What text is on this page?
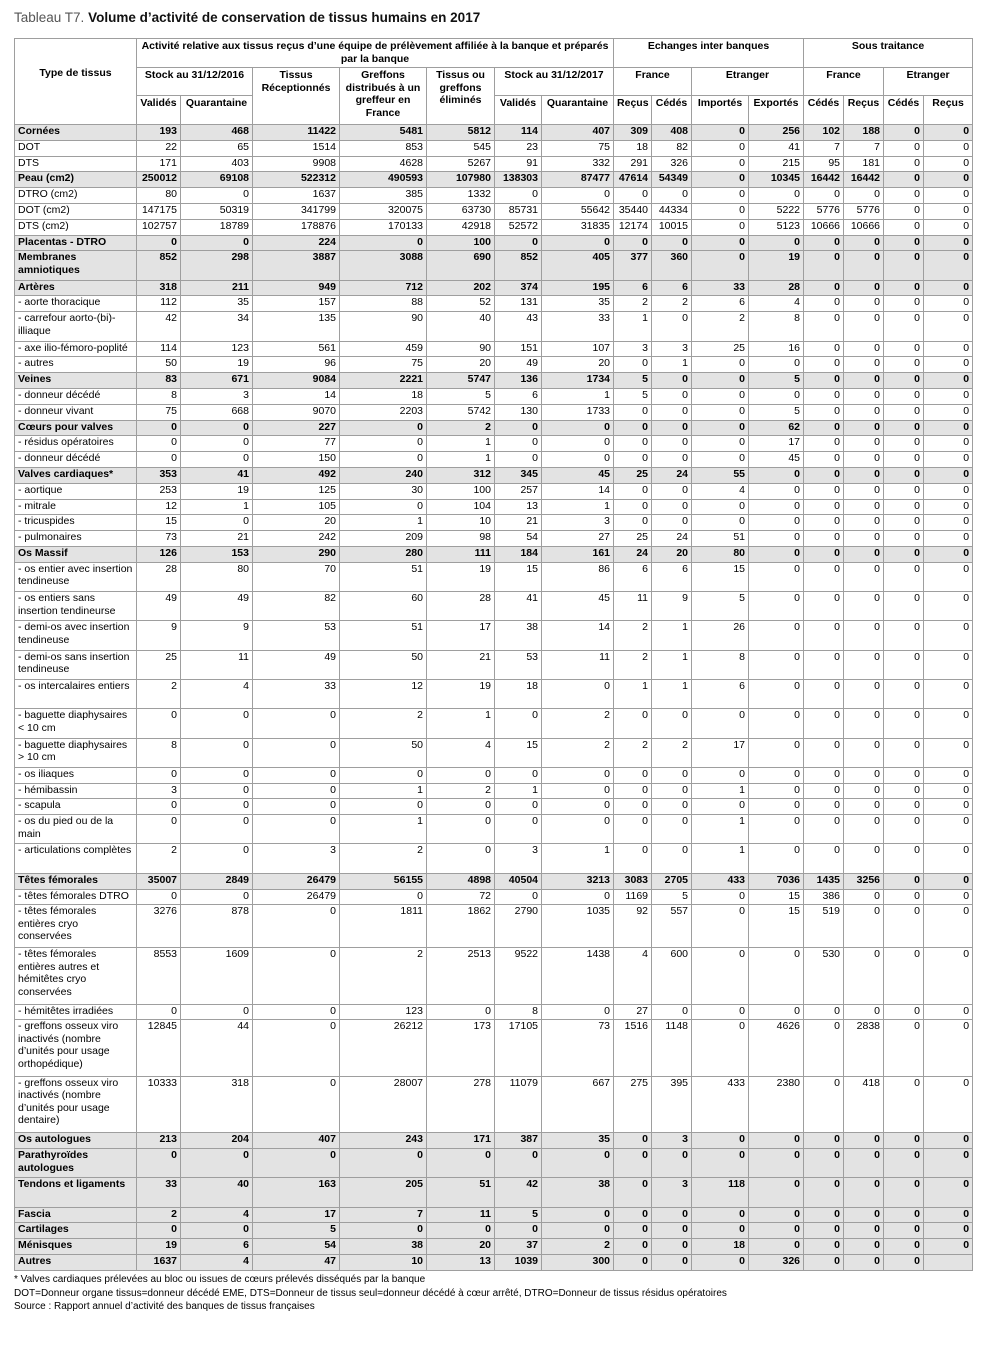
Tableau T7. Volume d’activité de conservation de tissus humains en 2017
Type de tissus	Activité relative aux tissus reçus d’une équipe de prélèvement affiliée à la banque et préparés par la banque							Echanges inter banques				Sous traitance			
	Stock au 31/12/2016		Tissus Réceptionnés	Greffons distribués à un greffeur en France	Tissus ou greffons éliminés	Stock au 31/12/2017		France		Etranger		France		Etranger	
	Validés	Quarantaine				Validés	Quarantaine	Reçus	Cédés	Importés	Exportés	Cédés	Reçus	Cédés	Reçus
Cornées	193	468	11422	5481	5812	114	407	309	408	0	256	102	188	0	0
DOT	22	65	1514	853	545	23	75	18	82	0	41	7	7	0	0
DTS	171	403	9908	4628	5267	91	332	291	326	0	215	95	181	0	0
Peau (cm2)	250012	69108	522312	490593	107980	138303	87477	47614	54349	0	10345	16442	16442	0	0
DTRO (cm2)	80	0	1637	385	1332	0	0	0	0	0	0	0	0	0	0
DOT (cm2)	147175	50319	341799	320075	63730	85731	55642	35440	44334	0	5222	5776	5776	0	0
DTS (cm2)	102757	18789	178876	170133	42918	52572	31835	12174	10015	0	5123	10666	10666	0	0
Placentas - DTRO	0	0	224	0	100	0	0	0	0	0	0	0	0	0	0
Membranes amniotiques	852	298	3887	3088	690	852	405	377	360	0	19	0	0	0	0
Artères	318	211	949	712	202	374	195	6	6	33	28	0	0	0	0
- aorte thoracique	112	35	157	88	52	131	35	2	2	6	4	0	0	0	0
- carrefour aorto-(bi)-illiaque	42	34	135	90	40	43	33	1	0	2	8	0	0	0	0
- axe ilio-fémoro-poplité	114	123	561	459	90	151	107	3	3	25	16	0	0	0	0
- autres	50	19	96	75	20	49	20	0	1	0	0	0	0	0	0
Veines	83	671	9084	2221	5747	136	1734	5	0	0	5	0	0	0	0
- donneur décédé	8	3	14	18	5	6	1	5	0	0	0	0	0	0	0
- donneur vivant	75	668	9070	2203	5742	130	1733	0	0	0	5	0	0	0	0
Cœurs pour valves	0	0	227	0	2	0	0	0	0	0	62	0	0	0	0
- résidus opératoires	0	0	77	0	1	0	0	0	0	0	17	0	0	0	0
- donneur décédé	0	0	150	0	1	0	0	0	0	0	45	0	0	0	0
Valves cardiaques*	353	41	492	240	312	345	45	25	24	55	0	0	0	0	0
- aortique	253	19	125	30	100	257	14	0	0	4	0	0	0	0	0
- mitrale	12	1	105	0	104	13	1	0	0	0	0	0	0	0	0
- tricuspides	15	0	20	1	10	21	3	0	0	0	0	0	0	0	0
- pulmonaires	73	21	242	209	98	54	27	25	24	51	0	0	0	0	0
Os Massif	126	153	290	280	111	184	161	24	20	80	0	0	0	0	0
- os entier avec insertion tendineuse	28	80	70	51	19	15	86	6	6	15	0	0	0	0	0
- os entiers sans insertion tendineurse	49	49	82	60	28	41	45	11	9	5	0	0	0	0	0
- demi-os avec insertion tendineuse	9	9	53	51	17	38	14	2	1	26	0	0	0	0	0
- demi-os sans insertion tendineuse	25	11	49	50	21	53	11	2	1	8	0	0	0	0	0
- os intercalaires entiers	2	4	33	12	19	18	0	1	1	6	0	0	0	0	0
- baguette diaphysaires < 10 cm	0	0	0	2	1	0	2	0	0	0	0	0	0	0	0
- baguette diaphysaires > 10 cm	8	0	0	50	4	15	2	2	2	17	0	0	0	0	0
- os iliaques	0	0	0	0	0	0	0	0	0	0	0	0	0	0	0
- hémibassin	3	0	0	1	2	1	0	0	0	1	0	0	0	0	0
- scapula	0	0	0	0	0	0	0	0	0	0	0	0	0	0	0
- os du pied ou de la main	0	0	0	1	0	0	0	0	0	1	0	0	0	0	0
- articulations complètes	2	0	3	2	0	3	1	0	0	1	0	0	0	0	0
Têtes fémorales	35007	2849	26479	56155	4898	40504	3213	3083	2705	433	7036	1435	3256	0	0
- têtes fémorales DTRO	0	0	26479	0	72	0	0	1169	5	0	15	386	0	0	0
- têtes fémorales entières cryo conservées	3276	878	0	1811	1862	2790	1035	92	557	0	15	519	0	0	0
- têtes fémorales entières autres et hémitêtes cryo conservées	8553	1609	0	2	2513	9522	1438	4	600	0	0	530	0	0	0
- hémitêtes irradiées	0	0	0	123	0	8	0	27	0	0	0	0	0	0	0
- greffons osseux viro inactivés (nombre d’unités pour usage orthopédique)	12845	44	0	26212	173	17105	73	1516	1148	0	4626	0	2838	0	0
- greffons osseux viro inactivés (nombre d’unités pour usage dentaire)	10333	318	0	28007	278	11079	667	275	395	433	2380	0	418	0	0
Os autologues	213	204	407	243	171	387	35	0	3	0	0	0	0	0	0
Parathyroïdes autologues	0	0	0	0	0	0	0	0	0	0	0	0	0	0	0
Tendons et ligaments	33	40	163	205	51	42	38	0	3	118	0	0	0	0	0
Fascia	2	4	17	7	11	5	0	0	0	0	0	0	0	0	0
Cartilages	0	0	5	0	0	0	0	0	0	0	0	0	0	0	0
Ménisques	19	6	54	38	20	37	2	0	0	18	0	0	0	0	0
Autres	1637	4	47	10	13	1039	300	0	0	0	326	0	0	0	
* Valves cardiaques prélevées au bloc ou issues de cœurs prélevés disséqués par la banque
DOT=Donneur organe tissus=donneur décédé EME, DTS=Donneur de tissus seul=donneur décédé à cœur arrêté, DTRO=Donneur de tissus résidus opératoires
Source : Rapport annuel d’activité des banques de tissus françaises
